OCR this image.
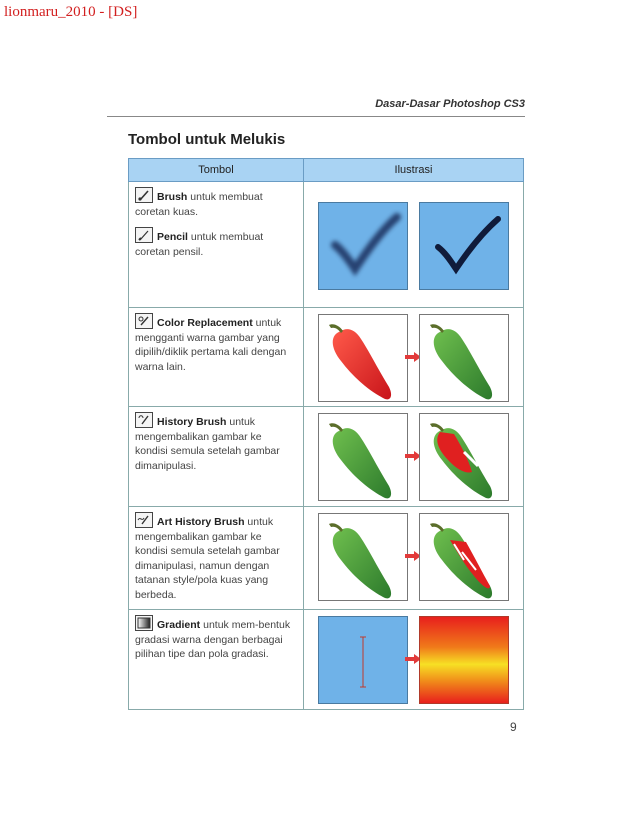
lionmaru_2010 - [DS]
Dasar-Dasar Photoshop CS3
Tombol untuk Melukis
Tombol	Ilustrasi

Brush untuk membuat coretan kuas.
Pencil untuk membuat coretan pensil.

Color Replacement untuk mengganti warna gambar yang dipilih/diklik pertama kali dengan warna lain.

History Brush untuk mengembalikan gambar ke kondisi semula setelah gambar dimanipulasi.

Art History Brush untuk mengembalikan gambar ke kondisi semula setelah gambar dimanipulasi, namun dengan tatanan style/pola kuas yang berbeda.

Gradient untuk mem-bentuk gradasi warna dengan berbagai pilihan tipe dan pola gradasi.

9
